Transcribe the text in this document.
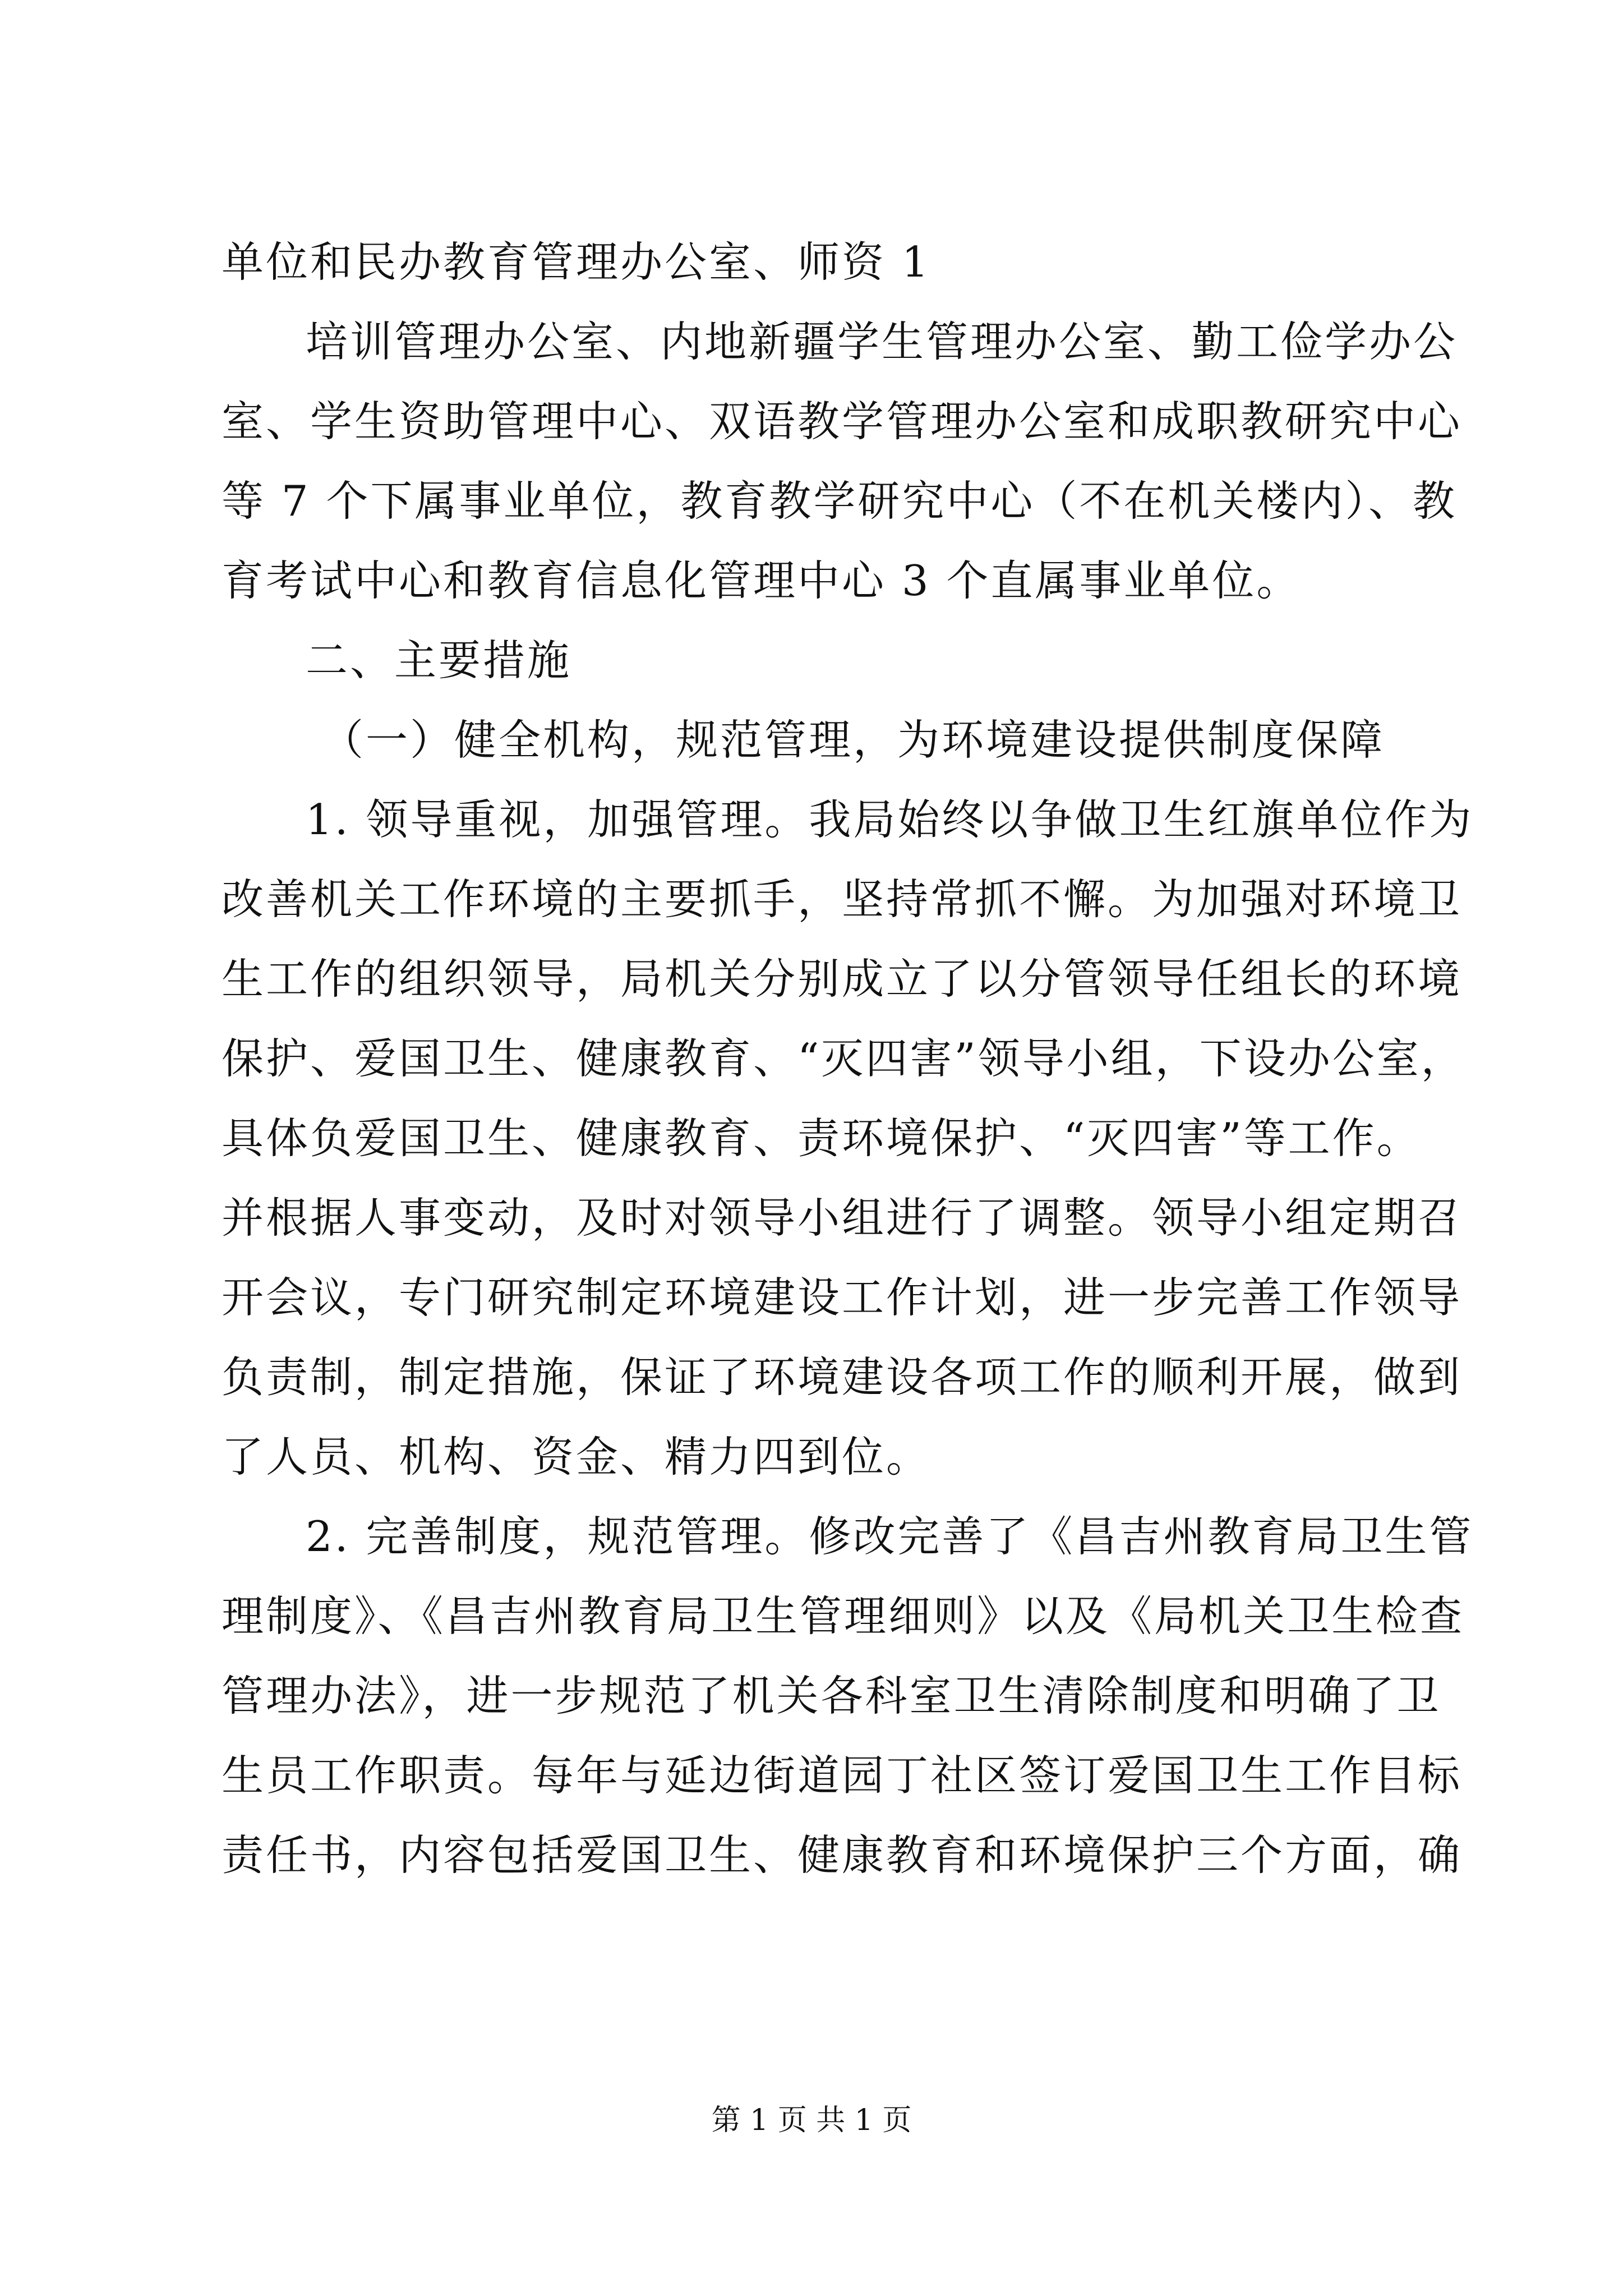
单位和民办教育管理办公室、师资 1
培训管理办公室、内地新疆学生管理办公室、勤工俭学办公
室、学生资助管理中心、双语教学管理办公室和成职教研究中心
等 7 个下属事业单位，教育教学研究中心（不在机关楼内）、教
育考试中心和教育信息化管理中心 3 个直属事业单位。
二、主要措施
（一）健全机构，规范管理，为环境建设提供制度保障
1. 领导重视，加强管理。我局始终以争做卫生红旗单位作为
改善机关工作环境的主要抓手，坚持常抓不懈。为加强对环境卫
生工作的组织领导，局机关分别成立了以分管领导任组长的环境
保护、爱国卫生、健康教育、“灭四害”领导小组，下设办公室，
具体负爱国卫生、健康教育、责环境保护、“灭四害”等工作。
并根据人事变动，及时对领导小组进行了调整。领导小组定期召
开会议，专门研究制定环境建设工作计划，进一步完善工作领导
负责制，制定措施，保证了环境建设各项工作的顺利开展，做到
了人员、机构、资金、精力四到位。
2. 完善制度，规范管理。修改完善了《昌吉州教育局卫生管
理制度》、《昌吉州教育局卫生管理细则》以及《局机关卫生检查
管理办法》，进一步规范了机关各科室卫生清除制度和明确了卫
生员工作职责。每年与延边街道园丁社区签订爱国卫生工作目标
责任书，内容包括爱国卫生、健康教育和环境保护三个方面，确
第 1 页 共 1 页
